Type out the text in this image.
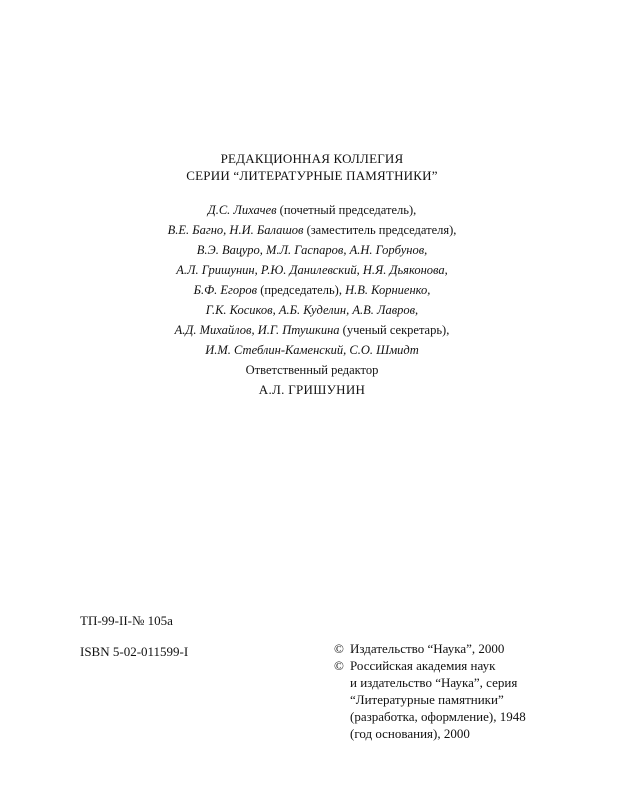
РЕДАКЦИОННАЯ КОЛЛЕГИЯ
СЕРИИ “ЛИТЕРАТУРНЫЕ ПАМЯТНИКИ”
Д.С. Лихачев (почетный председатель),
В.Е. Багно, Н.И. Балашов (заместитель председателя),
В.Э. Вацуро, М.Л. Гаспаров, А.Н. Горбунов,
А.Л. Гришунин, Р.Ю. Данилевский, Н.Я. Дьяконова,
Б.Ф. Егоров (председатель), Н.В. Корниенко,
Г.К. Косиков, А.Б. Куделин, А.В. Лавров,
А.Д. Михайлов, И.Г. Птушкина (ученый секретарь),
И.М. Стеблин-Каменский, С.О. Шмидт
Ответственный редактор
А.Л. ГРИШУНИН
ТП-99-II-№ 105а
ISBN 5-02-011599-I	© Издательство “Наука”, 2000
© Российская академия наук
и издательство “Наука”, серия
“Литературные памятники”
(разработка, оформление), 1948
(год основания), 2000
